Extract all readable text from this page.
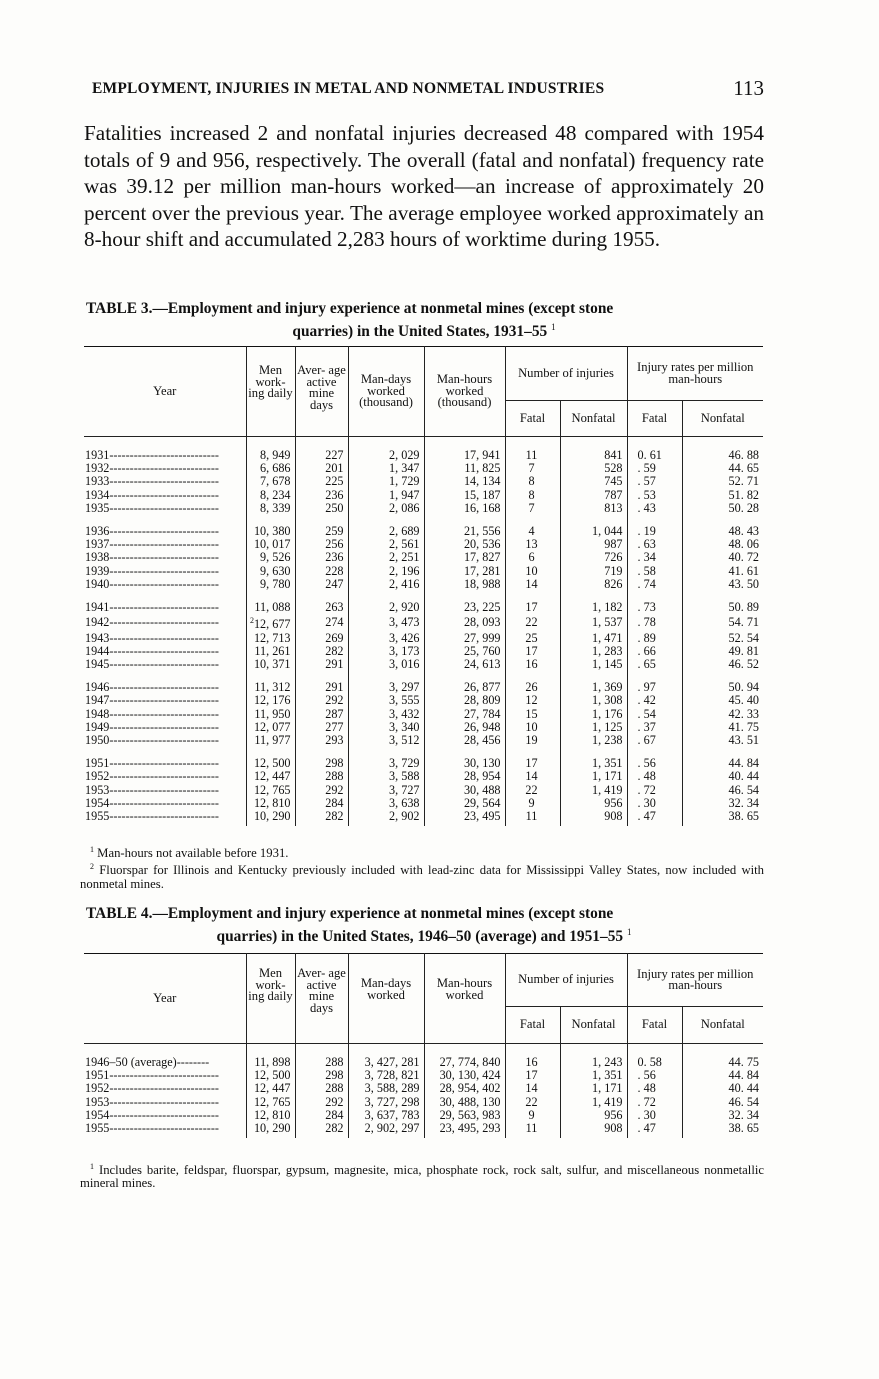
EMPLOYMENT, INJURIES IN METAL AND NONMETAL INDUSTRIES	113

Fatalities increased 2 and nonfatal injuries decreased 48 compared with 1954 totals of 9 and 956, respectively. The overall (fatal and nonfatal) frequency rate was 39.12 per million man-hours worked—an increase of approximately 20 percent over the previous year. The average employee worked approximately an 8-hour shift and accumulated 2,283 hours of worktime during 1955.

TABLE 3.—Employment and injury experience at nonmetal mines (except stone
quarries) in the United States, 1931–55 $^1$
Year	Men work- ing daily	Aver- age active mine days	Man-days worked (thousand)	Man-hours worked (thousand)	Number of injuries		Injury rates per million man-hours	
					Fatal	Nonfatal	Fatal	Nonfatal
1931---------------------------	8, 949	227	2, 029	17, 941	11	841	0. 61	46. 88
1932---------------------------	6, 686	201	1, 347	11, 825	7	528	. 59	44. 65
1933---------------------------	7, 678	225	1, 729	14, 134	8	745	. 57	52. 71
1934---------------------------	8, 234	236	1, 947	15, 187	8	787	. 53	51. 82
1935---------------------------	8, 339	250	2, 086	16, 168	7	813	. 43	50. 28

1936---------------------------	10, 380	259	2, 689	21, 556	4	1, 044	. 19	48. 43
1937---------------------------	10, 017	256	2, 561	20, 536	13	987	. 63	48. 06
1938---------------------------	9, 526	236	2, 251	17, 827	6	726	. 34	40. 72
1939---------------------------	9, 630	228	2, 196	17, 281	10	719	. 58	41. 61
1940---------------------------	9, 780	247	2, 416	18, 988	14	826	. 74	43. 50

1941---------------------------	11, 088	263	2, 920	23, 225	17	1, 182	. 73	50. 89
1942---------------------------	$^2$12, 677	274	3, 473	28, 093	22	1, 537	. 78	54. 71
1943---------------------------	12, 713	269	3, 426	27, 999	25	1, 471	. 89	52. 54
1944---------------------------	11, 261	282	3, 173	25, 760	17	1, 283	. 66	49. 81
1945---------------------------	10, 371	291	3, 016	24, 613	16	1, 145	. 65	46. 52

1946---------------------------	11, 312	291	3, 297	26, 877	26	1, 369	. 97	50. 94
1947---------------------------	12, 176	292	3, 555	28, 809	12	1, 308	. 42	45. 40
1948---------------------------	11, 950	287	3, 432	27, 784	15	1, 176	. 54	42. 33
1949---------------------------	12, 077	277	3, 340	26, 948	10	1, 125	. 37	41. 75
1950---------------------------	11, 977	293	3, 512	28, 456	19	1, 238	. 67	43. 51

1951---------------------------	12, 500	298	3, 729	30, 130	17	1, 351	. 56	44. 84
1952---------------------------	12, 447	288	3, 588	28, 954	14	1, 171	. 48	40. 44
1953---------------------------	12, 765	292	3, 727	30, 488	22	1, 419	. 72	46. 54
1954---------------------------	12, 810	284	3, 638	29, 564	9	956	. 30	32. 34
1955---------------------------	10, 290	282	2, 902	23, 495	11	908	. 47	38. 65
$^1$ Man-hours not available before 1931.
$^2$ Fluorspar for Illinois and Kentucky previously included with lead-zinc data for Mississippi Valley States, now included with nonmetal mines.
TABLE 4.—Employment and injury experience at nonmetal mines (except stone
quarries) in the United States, 1946–50 (average) and 1951–55 $^1$
Year	Men work- ing daily	Aver- age active mine days	Man-days worked	Man-hours worked	Number of injuries		Injury rates per million man-hours	
					Fatal	Nonfatal	Fatal	Nonfatal
1946–50 (average)--------	11, 898	288	3, 427, 281	27, 774, 840	16	1, 243	0. 58	44. 75
1951---------------------------	12, 500	298	3, 728, 821	30, 130, 424	17	1, 351	. 56	44. 84
1952---------------------------	12, 447	288	3, 588, 289	28, 954, 402	14	1, 171	. 48	40. 44
1953---------------------------	12, 765	292	3, 727, 298	30, 488, 130	22	1, 419	. 72	46. 54
1954---------------------------	12, 810	284	3, 637, 783	29, 563, 983	9	956	. 30	32. 34
1955---------------------------	10, 290	282	2, 902, 297	23, 495, 293	11	908	. 47	38. 65
$^1$ Includes barite, feldspar, fluorspar, gypsum, magnesite, mica, phosphate rock, rock salt, sulfur, and miscellaneous nonmetallic mineral mines.
